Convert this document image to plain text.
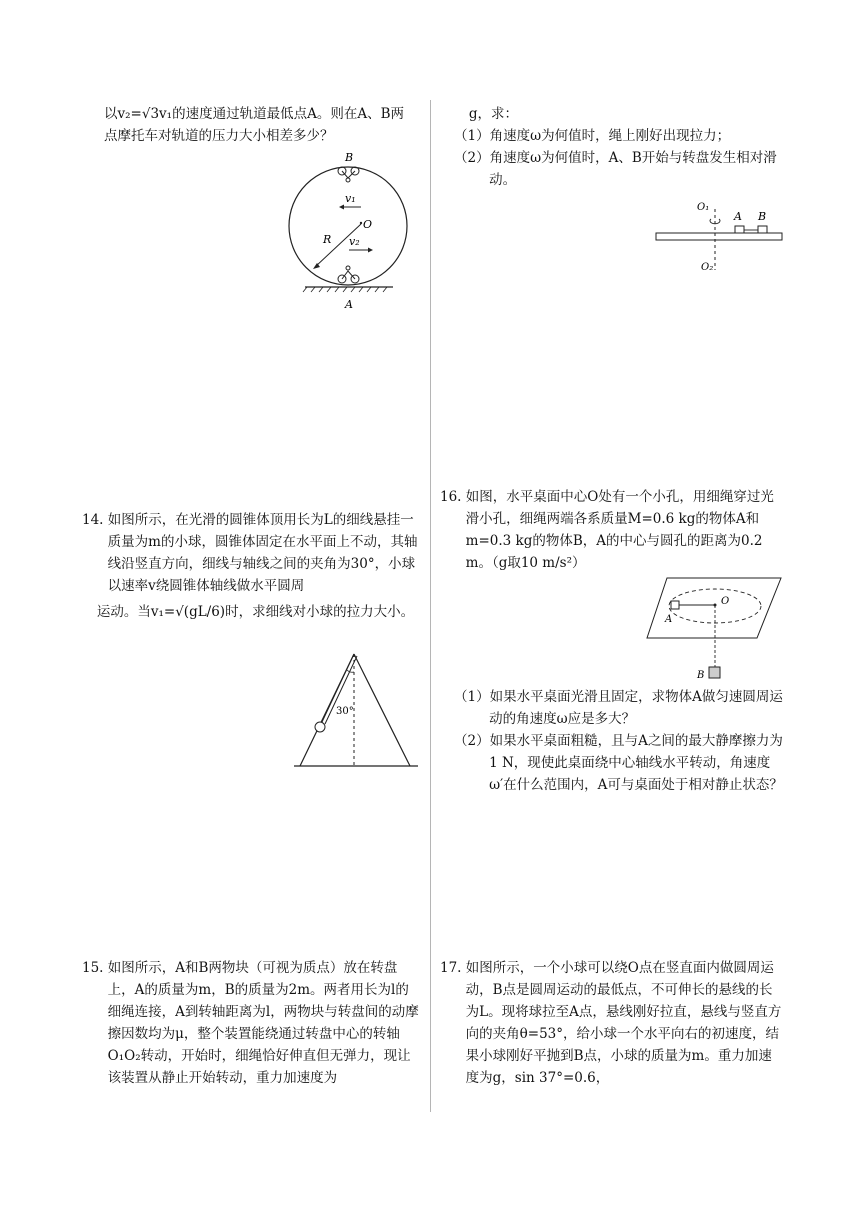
以v₂=√3v₁的速度通过轨道最低点A。则在A、B两

点摩托车对轨道的压力大小相差多少？

B
O
R
v₁
v₂
A

14. 如图所示，在光滑的圆锥体顶用长为L的细线悬挂一质量为m的小球，圆锥体固定在水平面上不动，其轴线沿竖直方向，细线与轴线之间的夹角为30°，小球以速率v绕圆锥体轴线做水平圆周

运动。当v₁=√(gL/6)时，求细线对小球的拉力大小。

30°

15. 如图所示，A和B两物块（可视为质点）放在转盘上，A的质量为m，B的质量为2m。两者用长为l的细绳连接，A到转轴距离为l，两物块与转盘间的动摩擦因数均为μ，整个装置能绕通过转盘中心的转轴O₁O₂转动，开始时，细绳恰好伸直但无弹力，现让该装置从静止开始转动，重力加速度为

g，求：

（1）角速度ω为何值时，绳上刚好出现拉力；

（2）角速度ω为何值时，A、B开始与转盘发生相对滑动。

O₁
O₂
A B

16. 如图，水平桌面中心O处有一个小孔，用细绳穿过光滑小孔，细绳两端各系质量M=0.6 kg的物体A和m=0.3 kg的物体B，A的中心与圆孔的距离为0.2 m。（g取10 m/s²）

O
A
B

（1）如果水平桌面光滑且固定，求物体A做匀速圆周运动的角速度ω应是多大？

（2）如果水平桌面粗糙，且与A之间的最大静摩擦力为1 N，现使此桌面绕中心轴线水平转动，角速度ω′在什么范围内，A可与桌面处于相对静止状态？

17. 如图所示，一个小球可以绕O点在竖直面内做圆周运动，B点是圆周运动的最低点，不可伸长的悬线的长为L。现将球拉至A点，悬线刚好拉直，悬线与竖直方向的夹角θ=53°，给小球一个水平向右的初速度，结果小球刚好平抛到B点，小球的质量为m。重力加速度为g，sin 37°=0.6，
